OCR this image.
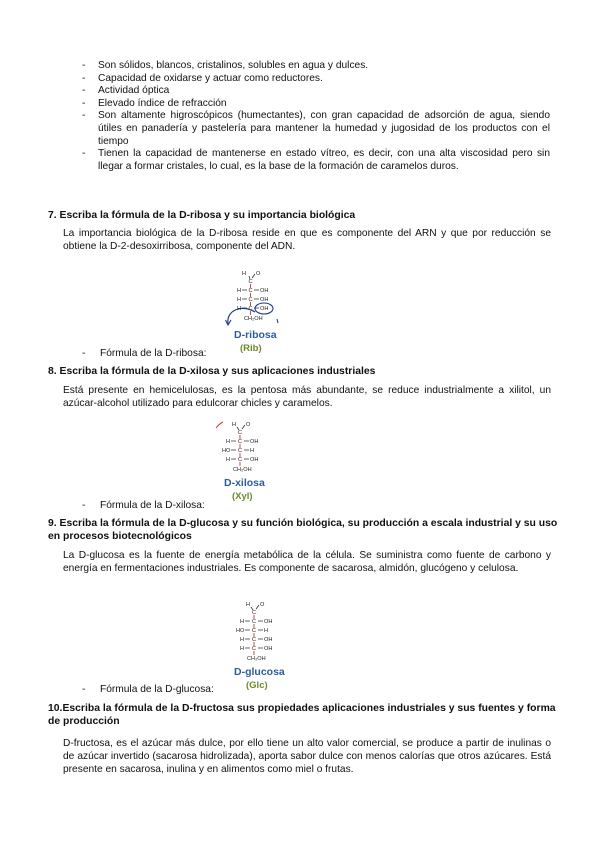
- Son sólidos, blancos, cristalinos, solubles en agua y dulces.
- Capacidad de oxidarse y actuar como reductores.
- Actividad óptica
- Elevado índice de refracción
- Son altamente higroscópicos (humectantes), con gran capacidad de adsorción de agua, siendo útiles en panadería y pastelería para mantener la humedad y jugosidad de los productos con el tiempo
- Tienen la capacidad de mantenerse en estado vítreo, es decir, con una alta viscosidad pero sin llegar a formar cristales, lo cual, es la base de la formación de caramelos duros.
7. Escriba la fórmula de la D-ribosa y su importancia biológica
La importancia biológica de la D-ribosa reside en que es componente del ARN y que por reducción se obtiene la D-2-desoxirribosa, componente del ADN.
H O
C
H C OH
H C OH
H C OH
CH₂OH
D-ribosa
(Rib)
- Fórmula de la D-ribosa:
8. Escriba la fórmula de la D-xilosa y sus aplicaciones industriales
Está presente en hemicelulosas, es la pentosa más abundante, se reduce industrialmente a xilitol, un azúcar-alcohol utilizado para edulcorar chicles y caramelos.
H O
C
H C OH
HO C H
H C OH
CH₂OH
D-xilosa
(Xyl)
- Fórmula de la D-xilosa:
9. Escriba la fórmula de la D-glucosa y su función biológica, su producción a escala industrial y su uso en procesos biotecnológicos
La D-glucosa es la fuente de energía metabólica de la célula. Se suministra como fuente de carbono y energía en fermentaciones industriales. Es componente de sacarosa, almidón, glucógeno y celulosa.
H O
C
H C OH
HO C H
H C OH
H C OH
CH₂OH
D-glucosa
(Glc)
- Fórmula de la D-glucosa:
10.Escriba la fórmula de la D-fructosa sus propiedades aplicaciones industriales y sus fuentes y forma de producción
D-fructosa, es el azúcar más dulce, por ello tiene un alto valor comercial, se produce a partir de inulinas o de azúcar invertido (sacarosa hidrolizada), aporta sabor dulce con menos calorías que otros azúcares. Está presente en sacarosa, inulina y en alimentos como miel o frutas.
